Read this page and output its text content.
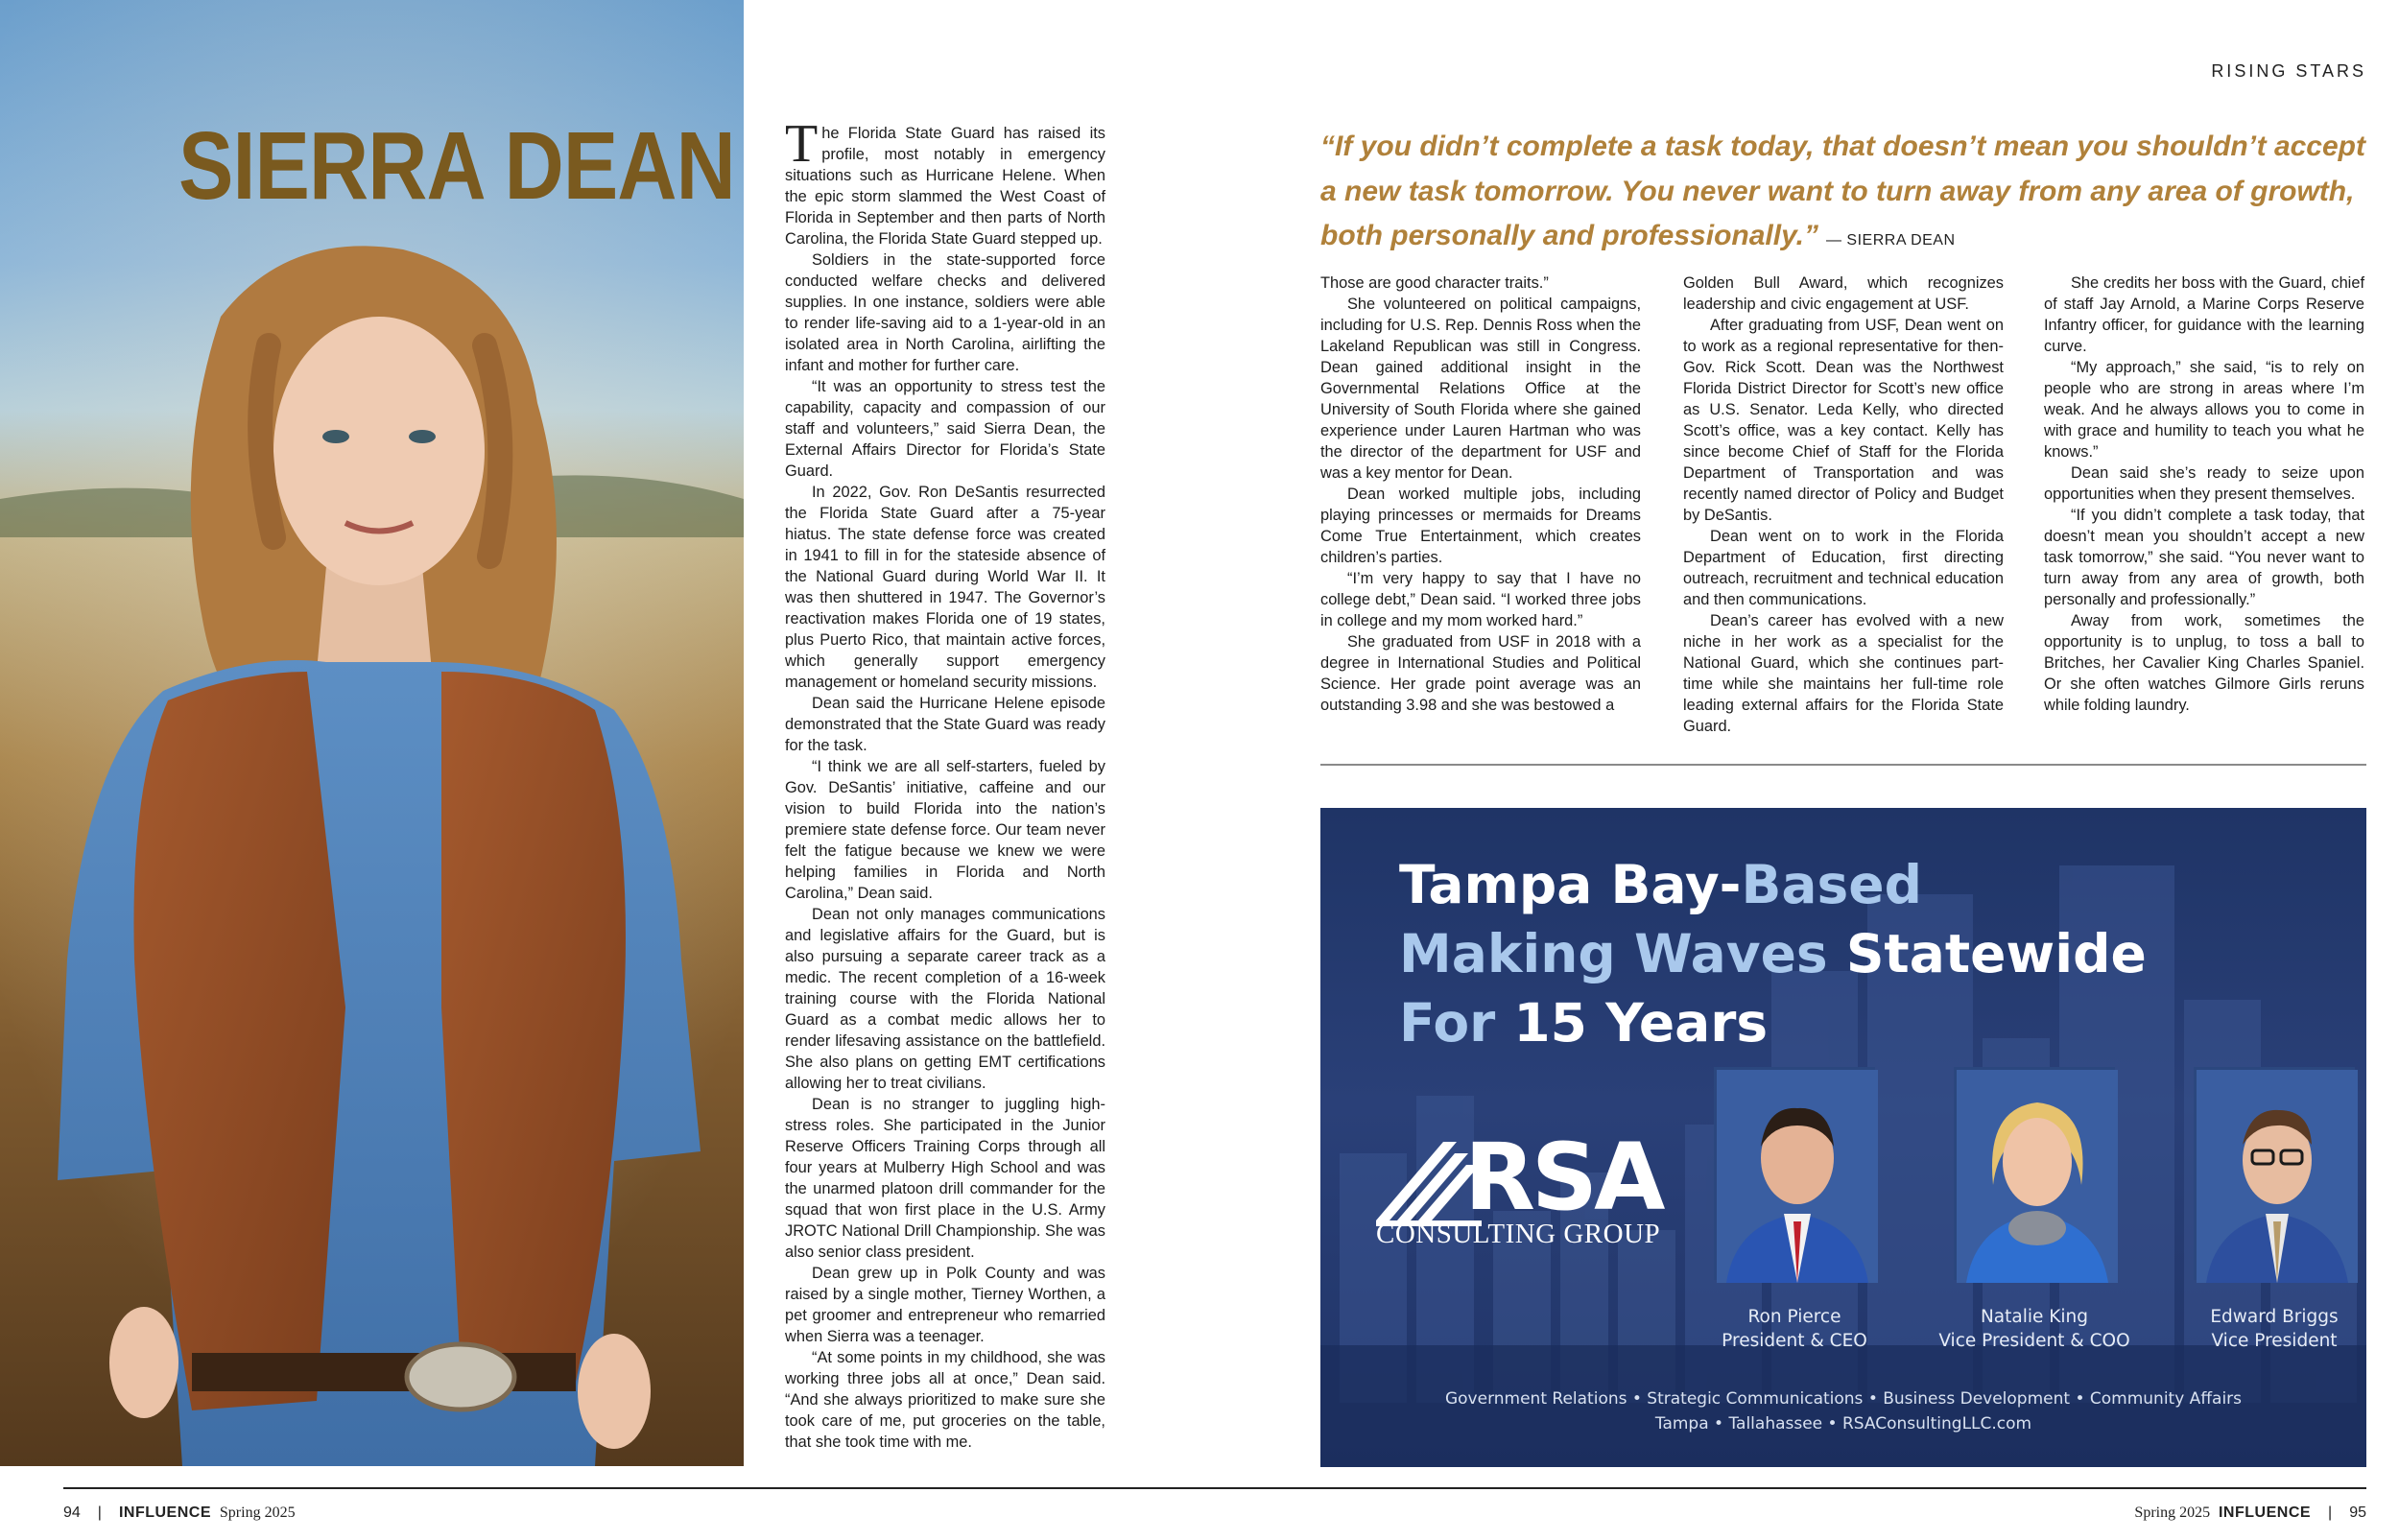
RISING STARS
SIERRA DEAN The Florida State Guard has raised its profile, most notably in emergency situations such as Hurricane Helene. When the epic storm slammed the West Coast of Florida in September and then parts of North Carolina, the Florida State Guard stepped up.

Soldiers in the state-supported force conducted welfare checks and delivered supplies. In one instance, soldiers were able to render life-saving aid to a 1-year-old in an isolated area in North Carolina, airlifting the infant and mother for further care.

“It was an opportunity to stress test the capability, capacity and compassion of our staff and volunteers,” said Sierra Dean, the External Affairs Director for Florida’s State Guard.

In 2022, Gov. Ron DeSantis resurrected the Florida State Guard after a 75-year hiatus. The state defense force was created in 1941 to fill in for the stateside absence of the National Guard during World War II. It was then shuttered in 1947. The Governor’s reactivation makes Florida one of 19 states, plus Puerto Rico, that maintain active forces, which generally support emergency management or homeland security missions.

Dean said the Hurricane Helene episode demonstrated that the State Guard was ready for the task.

“I think we are all self-starters, fueled by Gov. DeSantis’ initiative, caffeine and our vision to build Florida into the nation’s premiere state defense force. Our team never felt the fatigue because we knew we were helping families in Florida and North Carolina,” Dean said.

Dean not only manages communications and legislative affairs for the Guard, but is also pursuing a separate career track as a medic. The recent completion of a 16-week training course with the Florida National Guard as a combat medic allows her to render lifesaving assistance on the battlefield. She also plans on getting EMT certifications allowing her to treat civilians.

Dean is no stranger to juggling high-stress roles. She participated in the Junior Reserve Officers Training Corps through all four years at Mulberry High School and was the unarmed platoon drill commander for the squad that won first place in the U.S. Army JROTC National Drill Championship. She was also senior class president.

Dean grew up in Polk County and was raised by a single mother, Tierney Worthen, a pet groomer and entrepreneur who remarried when Sierra was a teenager.

“At some points in my childhood, she was working three jobs all at once,” Dean said. “And she always prioritized to make sure she took care of me, put groceries on the table, that she took time with me.

“If you didn’t complete a task today, that doesn’t mean you shouldn’t accept a new task tomorrow. You never want to turn away from any area of growth, both personally and professionally.” — SIERRA DEAN

Those are good character traits.”

She volunteered on political campaigns, including for U.S. Rep. Dennis Ross when the Lakeland Republican was still in Congress. Dean gained additional insight in the Governmental Relations Office at the University of South Florida where she gained experience under Lauren Hartman who was the director of the department for USF and was a key mentor for Dean.

Dean worked multiple jobs, including playing princesses or mermaids for Dreams Come True Entertainment, which creates children’s parties.

“I’m very happy to say that I have no college debt,” Dean said. “I worked three jobs in college and my mom worked hard.”

She graduated from USF in 2018 with a degree in International Studies and Political Science. Her grade point average was an outstanding 3.98 and she was bestowed a

Golden Bull Award, which recognizes leadership and civic engagement at USF.

After graduating from USF, Dean went on to work as a regional representative for then-Gov. Rick Scott. Dean was the Northwest Florida District Director for Scott’s new office as U.S. Senator. Leda Kelly, who directed Scott’s office, was a key contact. Kelly has since become Chief of Staff for the Florida Department of Transportation and was recently named director of Policy and Budget by DeSantis.

Dean went on to work in the Florida Department of Education, first directing outreach, recruitment and technical education and then communications.

Dean’s career has evolved with a new niche in her work as a specialist for the National Guard, which she continues part-time while she maintains her full-time role leading external affairs for the Florida State Guard.

She credits her boss with the Guard, chief of staff Jay Arnold, a Marine Corps Reserve Infantry officer, for guidance with the learning curve.

“My approach,” she said, “is to rely on people who are strong in areas where I’m weak. And he always allows you to come in with grace and humility to teach you what he knows.”

Dean said she’s ready to seize upon opportunities when they present themselves.

“If you didn’t complete a task today, that doesn’t mean you shouldn’t accept a new task tomorrow,” she said. “You never want to turn away from any area of growth, both personally and professionally.”

Away from work, sometimes the opportunity is to unplug, to toss a ball to Britches, her Cavalier King Charles Spaniel. Or she often watches Gilmore Girls reruns while folding laundry.

Tampa Bay-Based
Making Waves Statewide
For 15 Years
RSA
CONSULTING GROUP
Ron Pierce
President & CEO
Natalie King
Vice President & COO
Edward Briggs
Vice President
Government Relations • Strategic Communications • Business Development • Community Affairs
Tampa • Tallahassee • RSAConsultingLLC.com
94 | INFLUENCE Spring 2025	Spring 2025 INFLUENCE | 95
